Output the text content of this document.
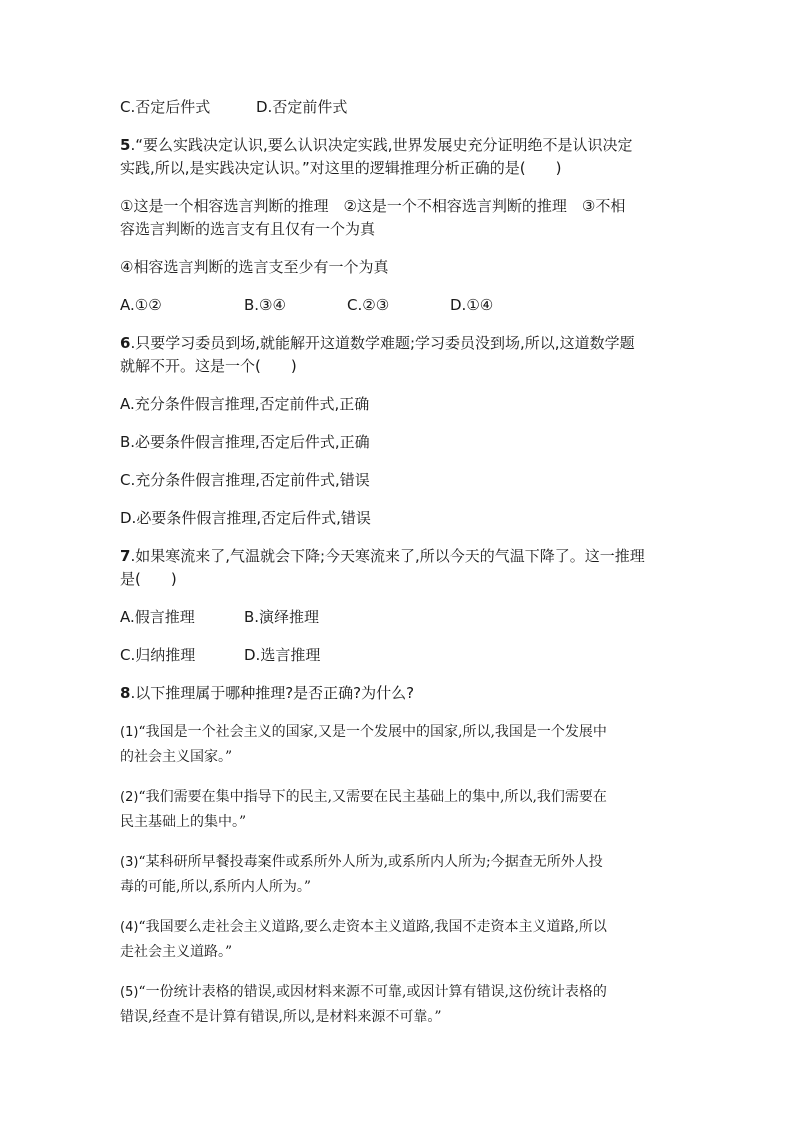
C.否定后件式	D.否定前件式
5.“要么实践决定认识,要么认识决定实践,世界发展史充分证明绝不是认识决定
实践,所以,是实践决定认识。”对这里的逻辑推理分析正确的是(　　)
①这是一个相容选言判断的推理　②这是一个不相容选言判断的推理　③不相
容选言判断的选言支有且仅有一个为真
④相容选言判断的选言支至少有一个为真
A.①②	B.③④	C.②③	D.①④
6.只要学习委员到场,就能解开这道数学难题;学习委员没到场,所以,这道数学题
就解不开。这是一个(　　)
A.充分条件假言推理,否定前件式,正确
B.必要条件假言推理,否定后件式,正确
C.充分条件假言推理,否定前件式,错误
D.必要条件假言推理,否定后件式,错误
7.如果寒流来了,气温就会下降;今天寒流来了,所以今天的气温下降了。这一推理
是(　　)
A.假言推理	B.演绎推理
C.归纳推理	D.选言推理
8.以下推理属于哪种推理?是否正确?为什么?
(1)“我国是一个社会主义的国家,又是一个发展中的国家,所以,我国是一个发展中
的社会主义国家。”
(2)“我们需要在集中指导下的民主,又需要在民主基础上的集中,所以,我们需要在
民主基础上的集中。”
(3)“某科研所早餐投毒案件或系所外人所为,或系所内人所为;今据查无所外人投
毒的可能,所以,系所内人所为。”
(4)“我国要么走社会主义道路,要么走资本主义道路,我国不走资本主义道路,所以
走社会主义道路。”
(5)“一份统计表格的错误,或因材料来源不可靠,或因计算有错误,这份统计表格的
错误,经查不是计算有错误,所以,是材料来源不可靠。”
